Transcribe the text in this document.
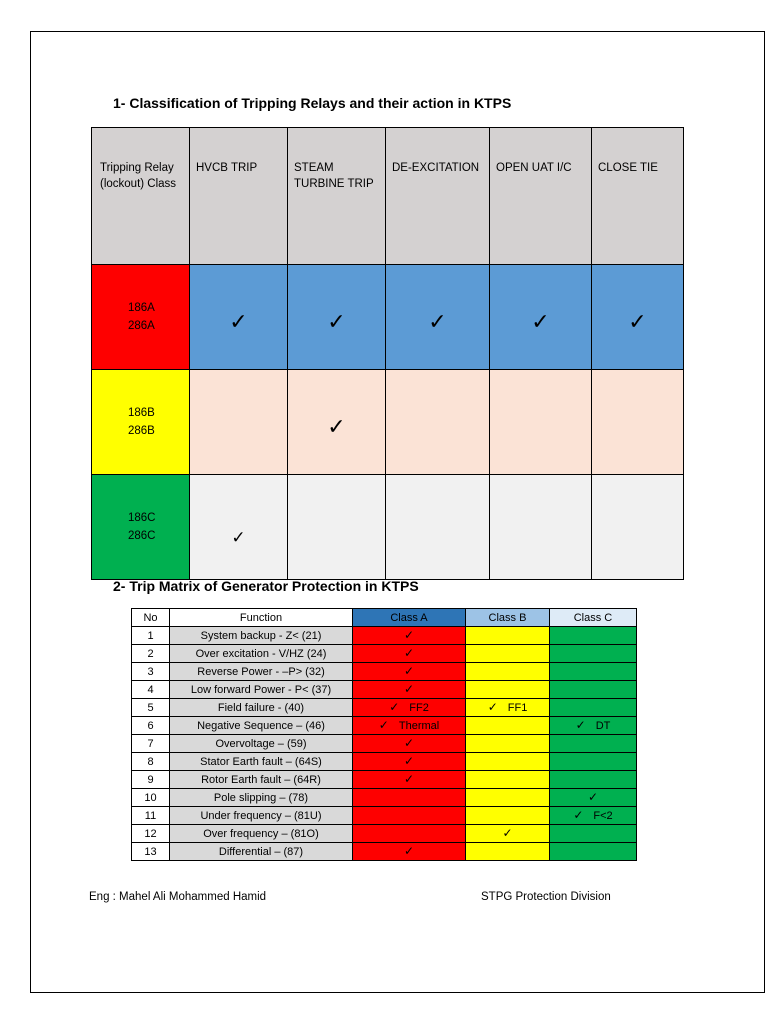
1- Classification of Tripping Relays and their action in KTPS
Tripping Relay
(lockout) Class	HVCB TRIP	STEAM
TURBINE TRIP	DE-EXCITATION	OPEN UAT I/C	CLOSE TIE
186A
286A	✓	✓	✓	✓	✓
186B
286B		✓			
186C
286C	✓				
2- Trip Matrix of Generator Protection in KTPS
No	Function	Class A	Class B	Class C
1	System backup - Z< (21)	✓		
2	Over excitation - V/HZ (24)	✓		
3	Reverse Power - –P> (32)	✓		
4	Low forward Power - P< (37)	✓		
5	Field failure - (40)	✓ FF2	✓ FF1	
6	Negative Sequence – (46)	✓ Thermal		✓ DT
7	Overvoltage – (59)	✓		
8	Stator Earth fault – (64S)	✓		
9	Rotor Earth fault – (64R)	✓		
10	Pole slipping – (78)			✓
11	Under frequency – (81U)			✓ F<2
12	Over frequency – (81O)		✓	
13	Differential – (87)	✓		
Eng : Mahel Ali Mohammed Hamid	STPG Protection Division
